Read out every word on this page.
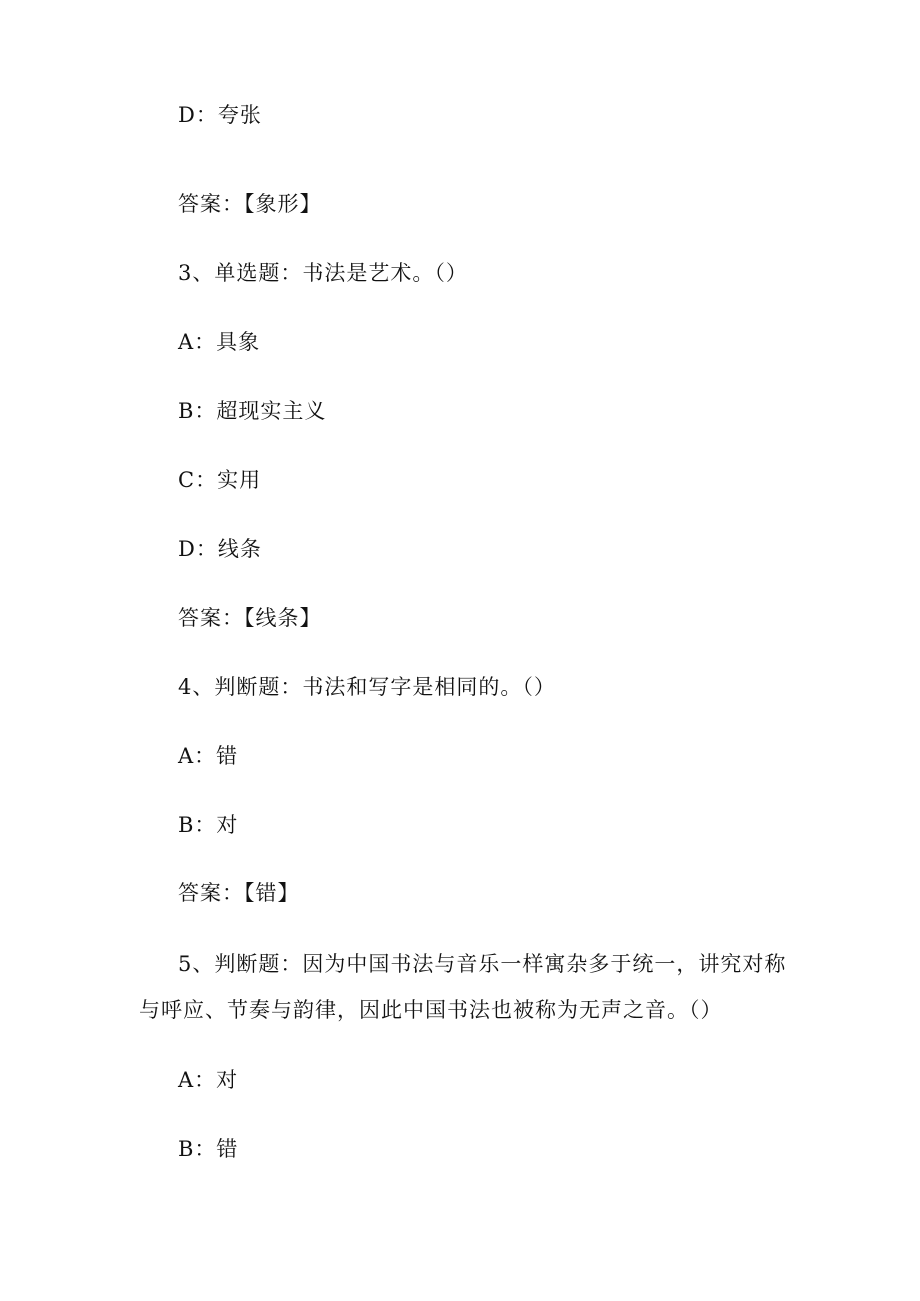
D：夸张
答案：【象形】
3、单选题：书法是艺术。（）
A：具象
B：超现实主义
C：实用
D：线条
答案：【线条】
4、判断题：书法和写字是相同的。（）
A：错
B：对
答案：【错】
5、判断题：因为中国书法与音乐一样寓杂多于统一，讲究对称
与呼应、节奏与韵律，因此中国书法也被称为无声之音。（）
A：对
B：错
